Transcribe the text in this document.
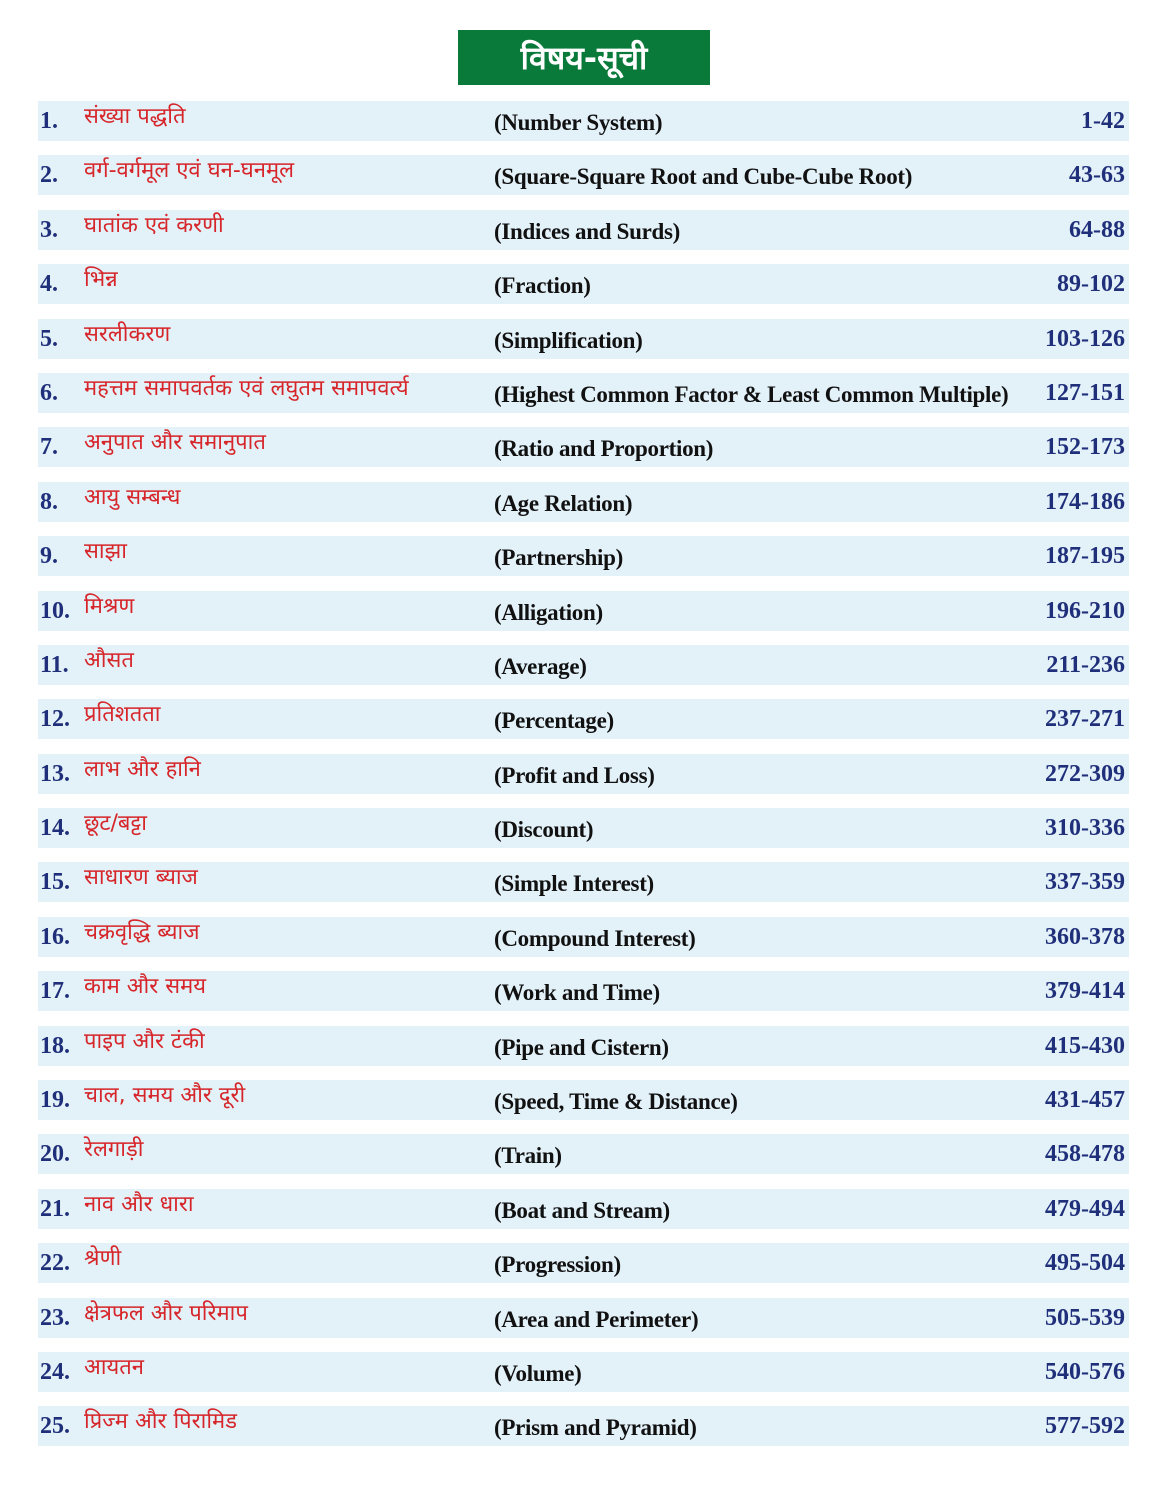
विषय-सूची
1. संख्या पद्धति	(Number System)	1-42
2. वर्ग-वर्गमूल एवं घन-घनमूल	(Square-Square Root and Cube-Cube Root)	43-63
3. घातांक एवं करणी	(Indices and Surds)	64-88
4. भिन्न	(Fraction)	89-102
5. सरलीकरण	(Simplification)	103-126
6. महत्तम समापवर्तक एवं लघुतम समापवर्त्य	(Highest Common Factor & Least Common Multiple) 127-151
7. अनुपात और समानुपात	(Ratio and Proportion)	152-173
8. आयु सम्बन्ध	(Age Relation)	174-186
9. साझा	(Partnership)	187-195
10. मिश्रण	(Alligation)	196-210
11. औसत	(Average)	211-236
12. प्रतिशतता	(Percentage)	237-271
13. लाभ और हानि	(Profit and Loss)	272-309
14. छूट/बट्टा	(Discount)	310-336
15. साधारण ब्याज	(Simple Interest)	337-359
16. चक्रवृद्धि ब्याज	(Compound Interest)	360-378
17. काम और समय	(Work and Time)	379-414
18. पाइप और टंकी	(Pipe and Cistern)	415-430
19. चाल, समय और दूरी	(Speed, Time & Distance)	431-457
20. रेलगाड़ी	(Train)	458-478
21. नाव और धारा	(Boat and Stream)	479-494
22. श्रेणी	(Progression)	495-504
23. क्षेत्रफल और परिमाप	(Area and Perimeter)	505-539
24. आयतन	(Volume)	540-576
25. प्रिज्म और पिरामिड	(Prism and Pyramid)	577-592
